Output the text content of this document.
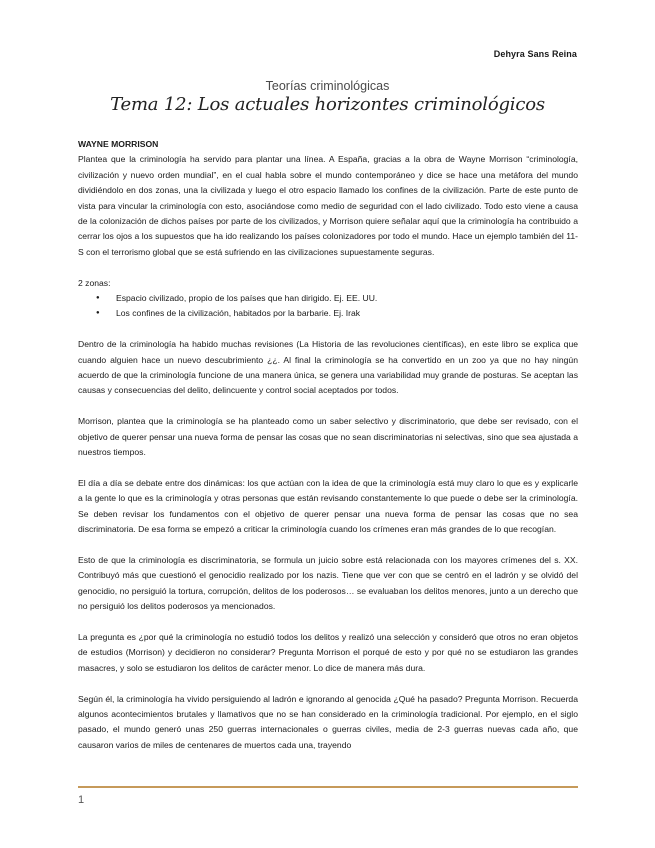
Dehyra Sans Reina
Teorías criminológicas
Tema 12: Los actuales horizontes criminológicos

WAYNE MORRISON

Plantea que la criminología ha servido para plantar una línea. A España, gracias a la obra de Wayne Morrison “criminología, civilización y nuevo orden mundial”, en el cual habla sobre el mundo contemporáneo y dice se hace una metáfora del mundo dividiéndolo en dos zonas, una la civilizada y luego el otro espacio llamado los confines de la civilización. Parte de este punto de vista para vincular la criminología con esto, asociándose como medio de seguridad con el lado civilizado. Todo esto viene a causa de la colonización de dichos países por parte de los civilizados, y Morrison quiere señalar aquí que la criminología ha contribuido a cerrar los ojos a los supuestos que ha ido realizando los países colonizadores por todo el mundo. Hace un ejemplo también del 11-S con el terrorismo global que se está sufriendo en las civilizaciones supuestamente seguras.

2 zonas:

● Espacio civilizado, propio de los países que han dirigido. Ej. EE. UU.
● Los confines de la civilización, habitados por la barbarie. Ej. Irak

Dentro de la criminología ha habido muchas revisiones (La Historia de las revoluciones científicas), en este libro se explica que cuando alguien hace un nuevo descubrimiento ¿¿. Al final la criminología se ha convertido en un zoo ya que no hay ningún acuerdo de que la criminología funcione de una manera única, se genera una variabilidad muy grande de posturas. Se aceptan las causas y consecuencias del delito, delincuente y control social aceptados por todos.

Morrison, plantea que la criminología se ha planteado como un saber selectivo y discriminatorio, que debe ser revisado, con el objetivo de querer pensar una nueva forma de pensar las cosas que no sean discriminatorias ni selectivas, sino que sea ajustada a nuestros tiempos.

El día a día se debate entre dos dinámicas: los que actúan con la idea de que la criminología está muy claro lo que es y explicarle a la gente lo que es la criminología y otras personas que están revisando constantemente lo que puede o debe ser la criminología. Se deben revisar los fundamentos con el objetivo de querer pensar una nueva forma de pensar las cosas que no sea discriminatoria. De esa forma se empezó a criticar la criminología cuando los crímenes eran más grandes de lo que recogían.

Esto de que la criminología es discriminatoria, se formula un juicio sobre está relacionada con los mayores crímenes del s. XX. Contribuyó más que cuestionó el genocidio realizado por los nazis. Tiene que ver con que se centró en el ladrón y se olvidó del genocidio, no persiguió la tortura, corrupción, delitos de los poderosos… se evaluaban los delitos menores, junto a un derecho que no persiguió los delitos poderosos ya mencionados.

La pregunta es ¿por qué la criminología no estudió todos los delitos y realizó una selección y consideró que otros no eran objetos de estudios (Morrison) y decidieron no considerar? Pregunta Morrison el porqué de esto y por qué no se estudiaron las grandes masacres, y solo se estudiaron los delitos de carácter menor. Lo dice de manera más dura.

Según él, la criminología ha vivido persiguiendo al ladrón e ignorando al genocida ¿Qué ha pasado? Pregunta Morrison. Recuerda algunos acontecimientos brutales y llamativos que no se han considerado en la criminología tradicional. Por ejemplo, en el siglo pasado, el mundo generó unas 250 guerras internacionales o guerras civiles, media de 2-3 guerras nuevas cada año, que causaron varios de miles de centenares de muertos cada una, trayendo

1
